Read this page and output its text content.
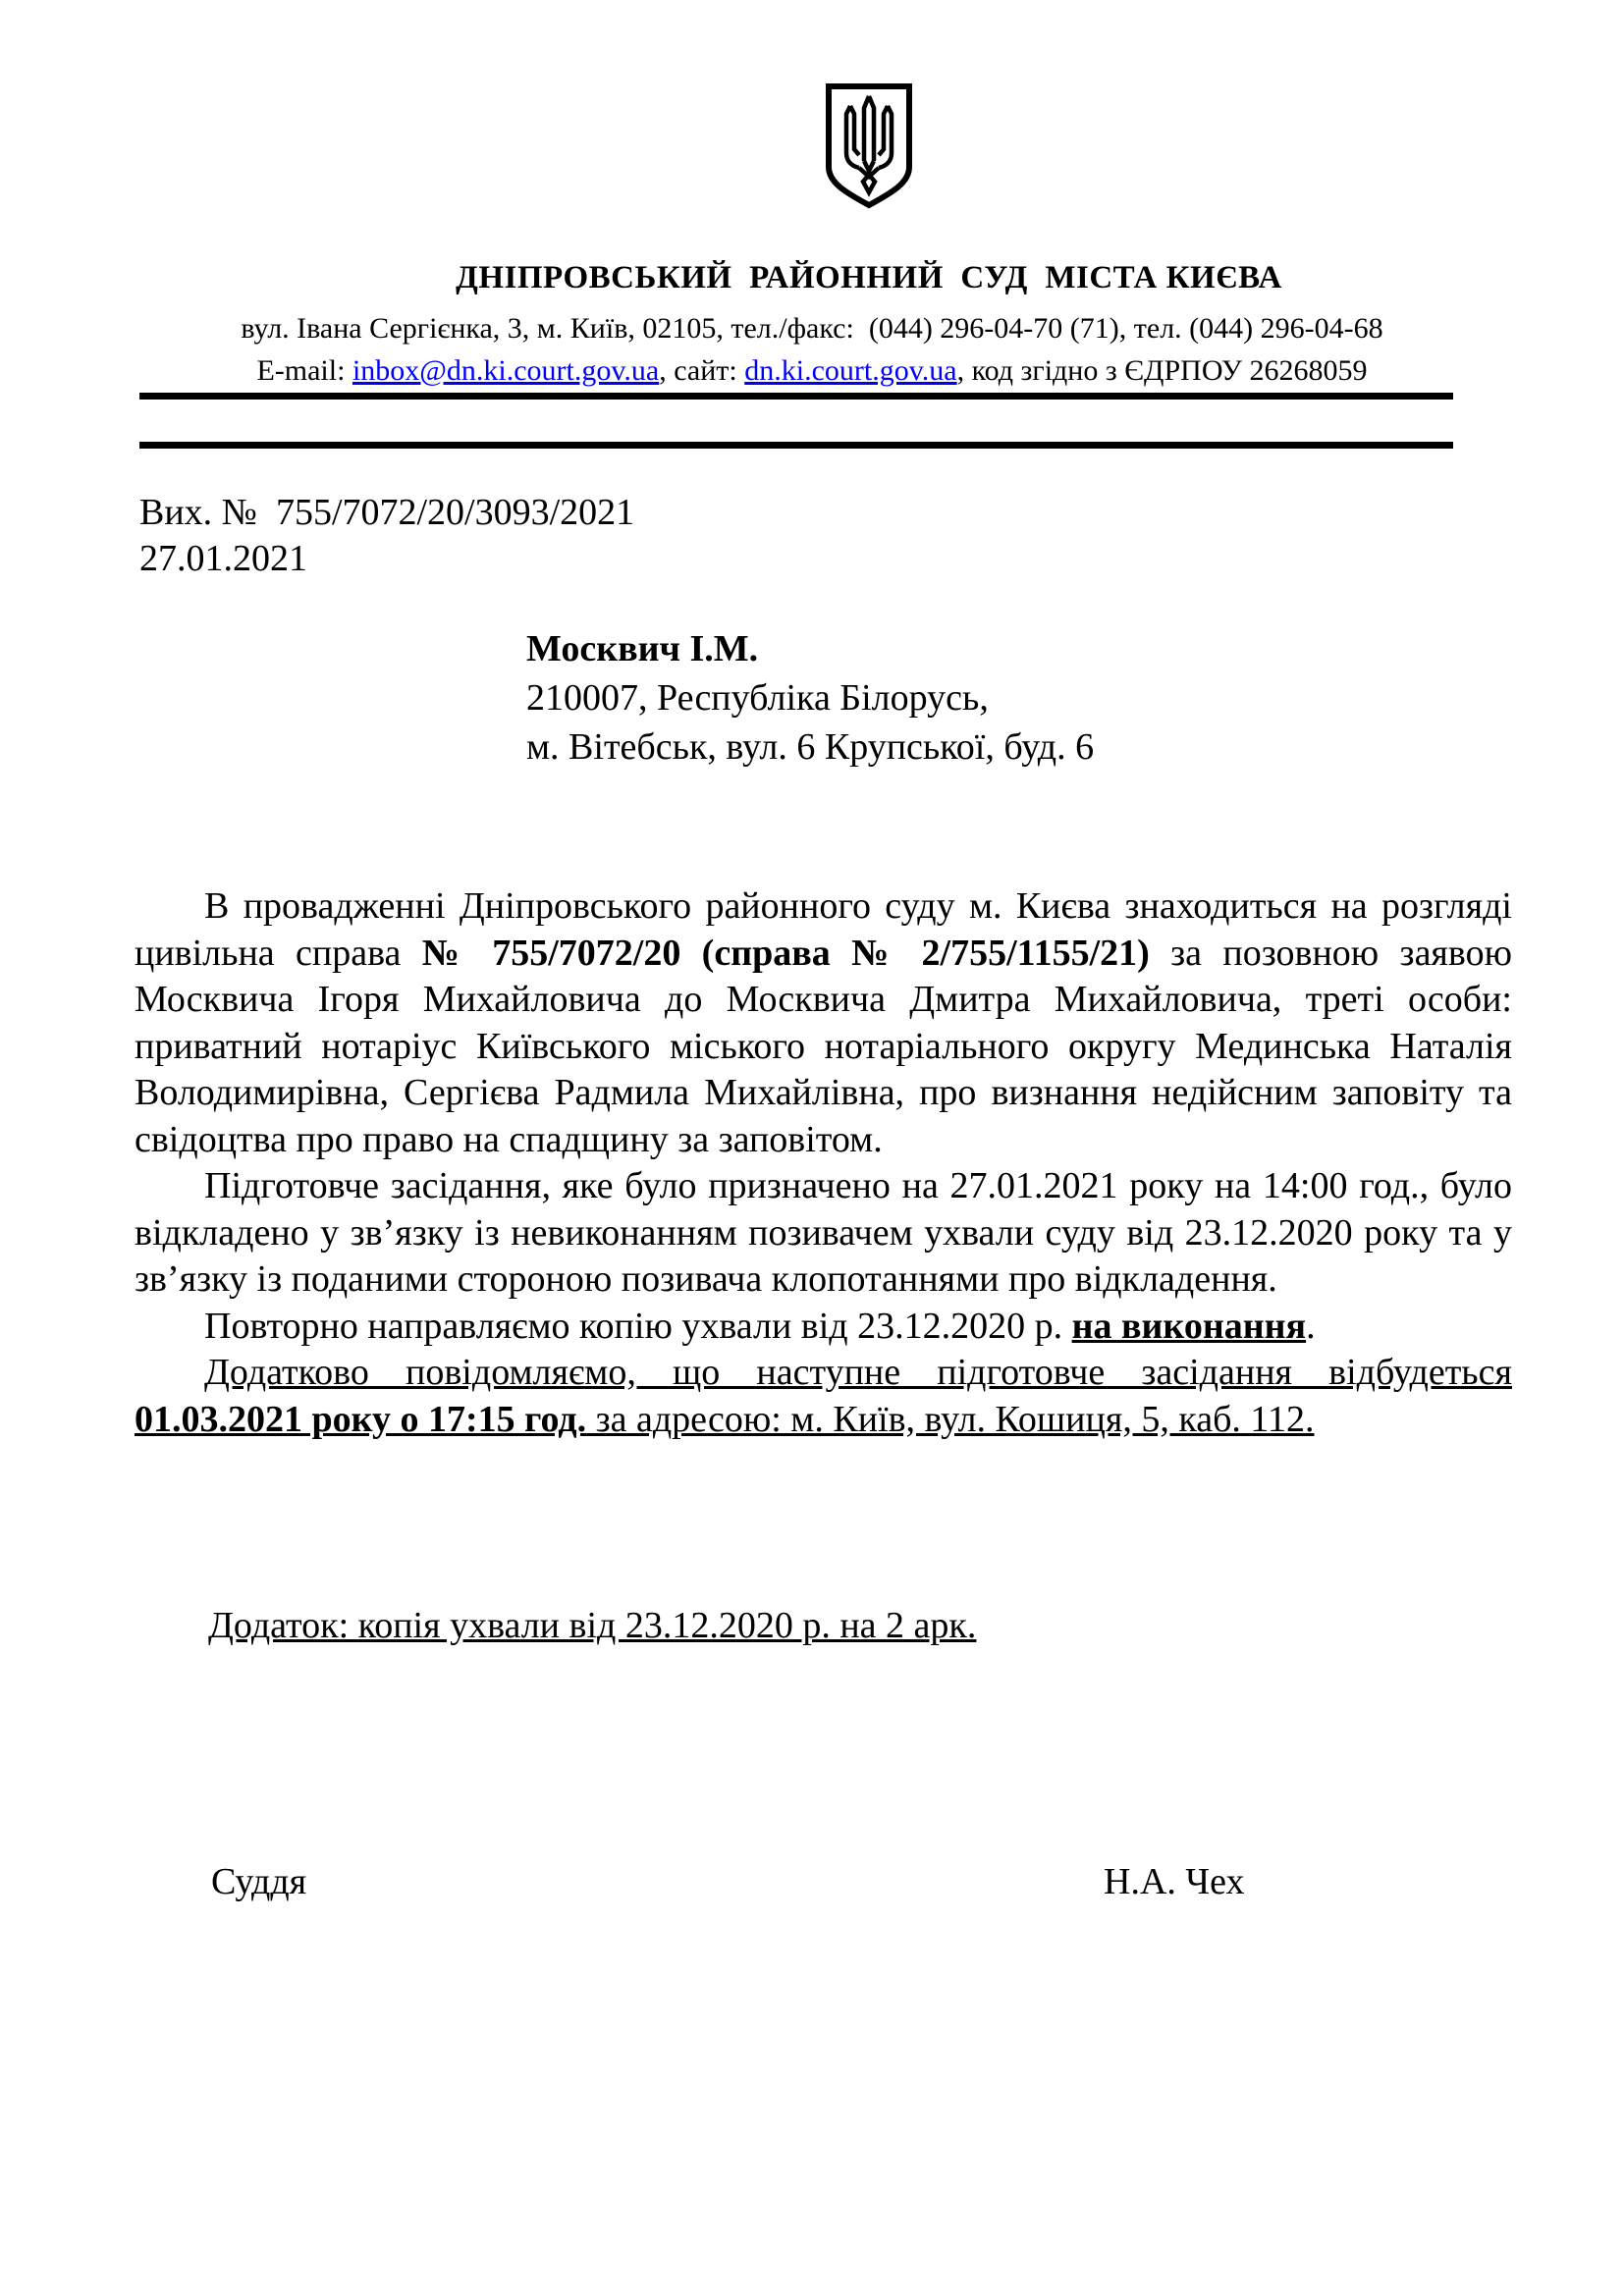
ДНІПРОВСЬКИЙ  РАЙОННИЙ  СУД  МІСТА КИЄВА
вул. Івана Сергієнка, 3, м. Київ, 02105, тел./факс:  (044) 296-04-70 (71), тел. (044) 296-04-68
E-mail: inbox@dn.ki.court.gov.ua, сайт: dn.ki.court.gov.ua, код згідно з ЄДРПОУ 26268059
Вих. №  755/7072/20/3093/2021
27.01.2021
Москвич І.М.
210007, Республіка Білорусь,
м. Вітебськ, вул. 6 Крупської, буд. 6

В провадженні Дніпровського районного суду м. Києва знаходиться на розгляді цивільна справа № 755/7072/20 (справа № 2/755/1155/21) за позовною заявою Москвича Ігоря Михайловича до Москвича Дмитра Михайловича, треті особи: приватний нотаріус Київського міського нотаріального округу Мединська Наталія Володимирівна, Сергієва Радмила Михайлівна, про визнання недійсним заповіту та свідоцтва про право на спадщину за заповітом.

Підготовче засідання, яке було призначено на 27.01.2021 року на 14:00 год., було відкладено у зв’язку із невиконанням позивачем ухвали суду від 23.12.2020 року та у зв’язку із поданими стороною позивача клопотаннями про відкладення.

Повторно направляємо копію ухвали від 23.12.2020 р. на виконання.

Додатково повідомляємо, що наступне підготовче засідання відбудеться 01.03.2021 року о 17:15 год. за адресою: м. Київ, вул. Кошиця, 5, каб. 112.

Додаток: копія ухвали від 23.12.2020 р. на 2 арк.
Суддя	Н.А. Чех
